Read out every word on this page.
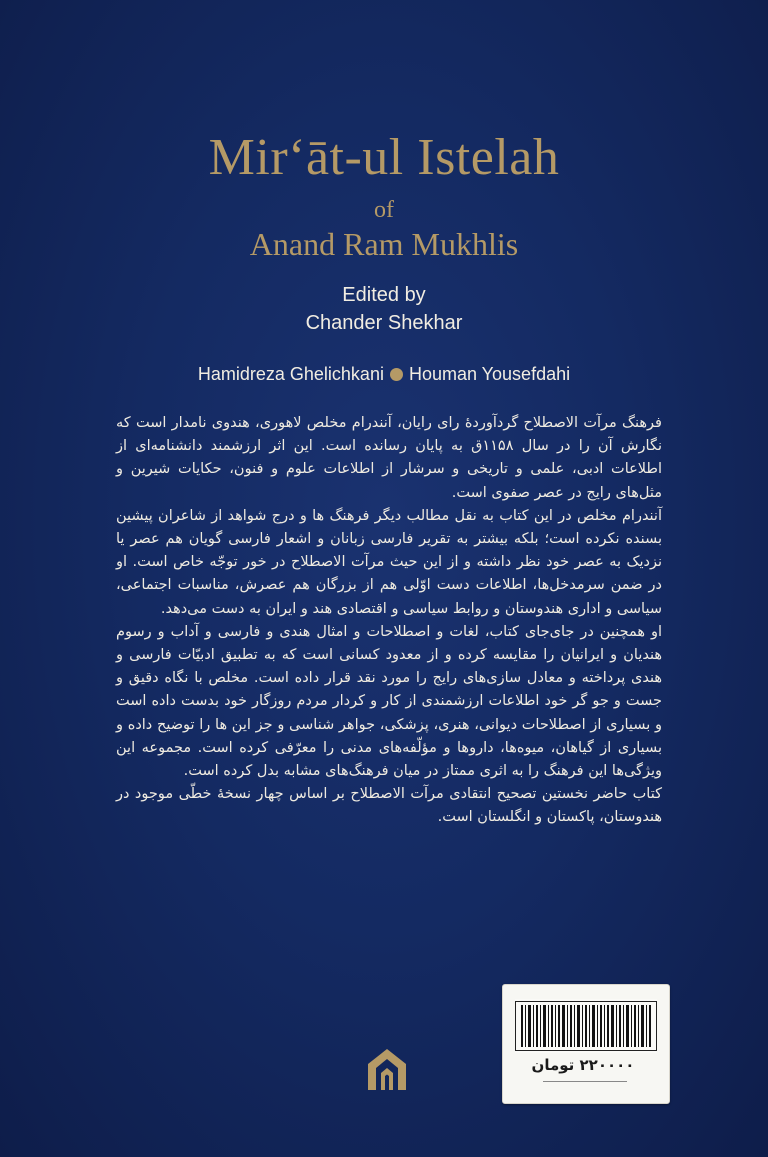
Mir‘āt-ul Istelah
of
Anand Ram Mukhlis
Edited by
Chander Shekhar
Hamidreza Ghelichkani Houman Yousefdahi

فرهنگ مرآت الاصطلاح گردآوردهٔ رای رایان، آنندرام مخلص لاهوری، هندوی نامدار است که نگارش آن را در سال ۱۱۵۸ق به پایان رسانده است. این اثر ارزشمند دانشنامه‌ای از اطلاعات ادبی، علمی و تاریخی و سرشار از اطلاعات علوم و فنون، حکایات شیرین و مثل‌های رایج در عصر صفوی است.

آنندرام مخلص در این کتاب به نقل مطالب دیگر فرهنگ ها و درج شواهد از شاعران پیشین بسنده نکرده است؛ بلکه بیشتر به تقریر فارسی زبانان و اشعار فارسی گویان هم عصر یا نزدیک به عصر خود نظر داشته و از این حیث مرآت الاصطلاح در خور توجّه خاص است. او در ضمن سرمدخل‌ها، اطلاعات دست اوّلی هم از بزرگان هم عصرش، مناسبات اجتماعی، سیاسی و اداری هندوستان و روابط سیاسی و اقتصادی هند و ایران به دست می‌دهد.

او همچنین در جای‌جای کتاب، لغات و اصطلاحات و امثال هندی و فارسی و آداب و رسوم هندیان و ایرانیان را مقایسه کرده و از معدود کسانی است که به تطبیق ادبیّات فارسی و هندی پرداخته و معادل سازی‌های رایج را مورد نقد قرار داده است. مخلص با نگاه دقیق و جست و جو گر خود اطلاعات ارزشمندی از کار و کردار مردم روزگار خود بدست داده است و بسیاری از اصطلاحات دیوانی، هنری، پزشکی، جواهر شناسی و جز این ها را توضیح داده و بسیاری از گیاهان، میوه‌ها، داروها و مؤلّفه‌های مدنی را معرّفی کرده است. مجموعه این ویژگی‌ها این فرهنگ را به اثری ممتاز در میان فرهنگ‌های مشابه بدل کرده است.

کتاب حاضر نخستین تصحیح انتقادی مرآت الاصطلاح بر اساس چهار نسخهٔ خطّی موجود در هندوستان، پاکستان و انگلستان است.

۲۲۰۰۰۰ تومان
